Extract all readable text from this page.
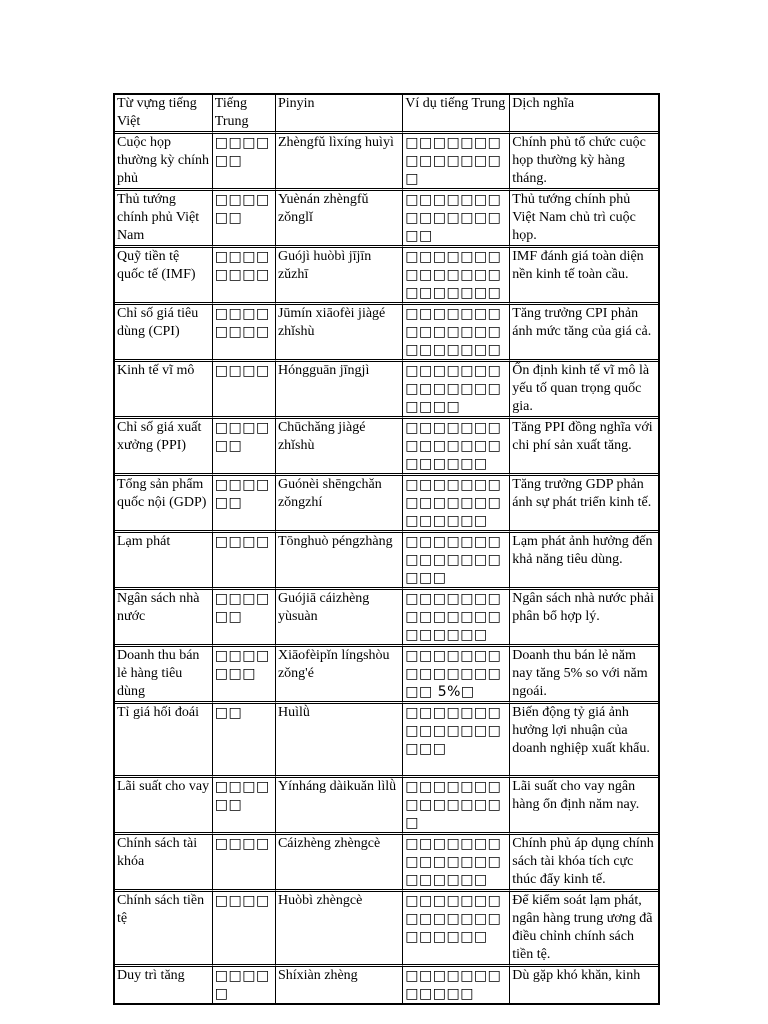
Từ vựng tiếng Việt	Tiếng Trung	Pinyin	Ví dụ tiếng Trung	Dịch nghĩa
Cuộc họp thường kỳ chính phủ	□□□□□□	Zhèngfǔ lìxíng huìyì	□□□□□□□□□□□□□□□	Chính phủ tổ chức cuộc họp thường kỳ hàng tháng.
Thủ tướng chính phủ Việt Nam	□□□□□□	Yuènán zhèngfǔ zǒnglǐ	□□□□□□□□□□□□□□□□	Thủ tướng chính phủ Việt Nam chủ trì cuộc họp.
Quỹ tiền tệ quốc tế (IMF)	□□□□□□□□	Guójì huòbì jījīn zǔzhī	□□□□□□□□□□□□□□□□□□□□□	IMF đánh giá toàn diện nền kinh tế toàn cầu.
Chỉ số giá tiêu dùng (CPI)	□□□□□□□□	Jūmín xiāofèi jiàgé zhǐshù	□□□□□□□□□□□□□□□□□□□□□	Tăng trưởng CPI phản ánh mức tăng của giá cả.
Kinh tế vĩ mô	□□□□	Hóngguān jīngjì	□□□□□□□□□□□□□□□□□□	Ổn định kinh tế vĩ mô là yếu tố quan trọng quốc gia.
Chỉ số giá xuất xưởng (PPI)	□□□□□□	Chūchǎng jiàgé zhǐshù	□□□□□□□□□□□□□□□□□□□□	Tăng PPI đồng nghĩa với chi phí sản xuất tăng.
Tổng sản phẩm quốc nội (GDP)	□□□□□□	Guónèi shēngchǎn zǒngzhí	□□□□□□□□□□□□□□□□□□□□	Tăng trưởng GDP phản ánh sự phát triển kinh tế.
Lạm phát	□□□□	Tōnghuò péngzhàng	□□□□□□□□□□□□□□□□□	Lạm phát ảnh hưởng đến khả năng tiêu dùng.
Ngân sách nhà nước	□□□□□□	Guójiā cáizhèng yùsuàn	□□□□□□□□□□□□□□□□□□□□	Ngân sách nhà nước phải phân bổ hợp lý.
Doanh thu bán lẻ hàng tiêu dùng	□□□□□□□	Xiāofèipǐn língshòu zǒng'é	□□□□□□□□□□□□□□□□ 5%□	Doanh thu bán lẻ năm nay tăng 5% so với năm ngoái.
Tỉ giá hối đoái	□□	Huìlǜ	□□□□□□□□□□□□□□□□□	Biến động tỷ giá ảnh hưởng lợi nhuận của doanh nghiệp xuất khẩu.
Lãi suất cho vay	□□□□□□	Yínháng dàikuǎn lìlǜ	□□□□□□□□□□□□□□□	Lãi suất cho vay ngân hàng ổn định năm nay.
Chính sách tài khóa	□□□□	Cáizhèng zhèngcè	□□□□□□□□□□□□□□□□□□□□	Chính phủ áp dụng chính sách tài khóa tích cực thúc đẩy kinh tế.
Chính sách tiền tệ	□□□□	Huòbì zhèngcè	□□□□□□□□□□□□□□□□□□□□	Để kiểm soát lạm phát, ngân hàng trung ương đã điều chỉnh chính sách tiền tệ.
Duy trì tăng	□□□□□	Shíxiàn zhèng	□□□□□□□□□□□□	Dù gặp khó khăn, kinh
